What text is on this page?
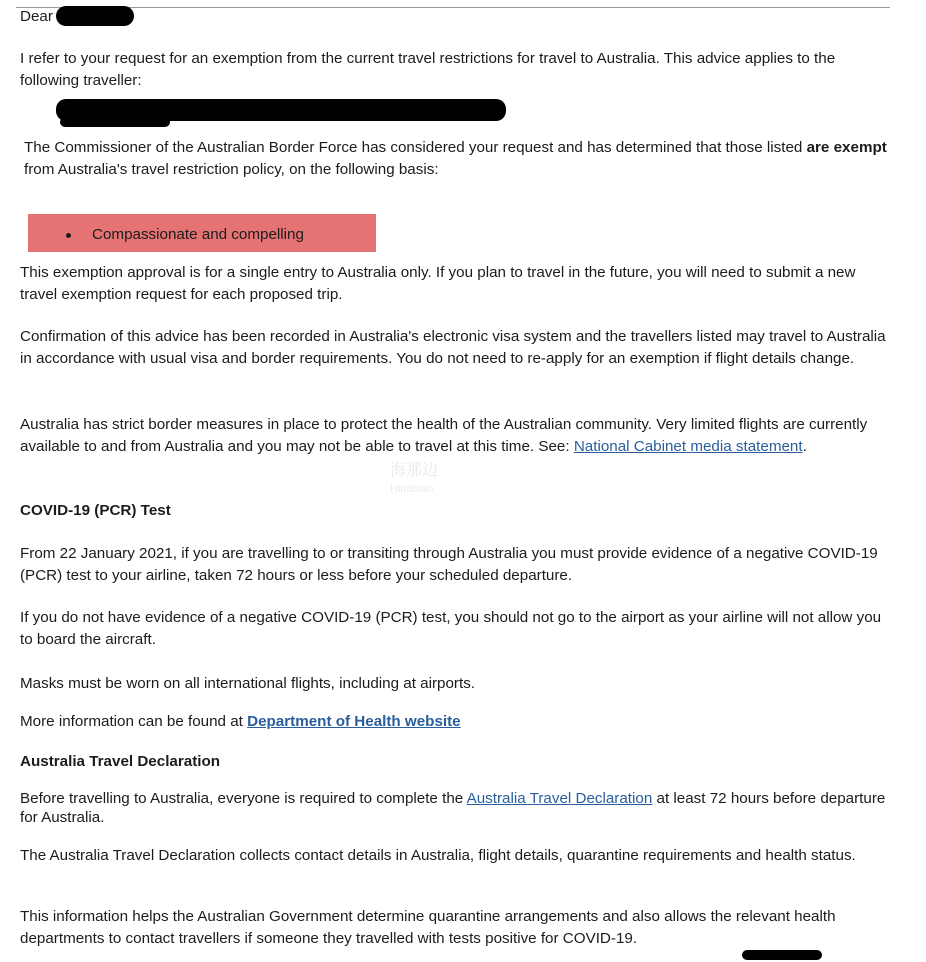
Dear

I refer to your request for an exemption from the current travel restrictions for travel to Australia. This advice applies to the following traveller:

The Commissioner of the Australian Border Force has considered your request and has determined that those listed are exempt from Australia's travel restriction policy, on the following basis:

Compassionate and compelling

This exemption approval is for a single entry to Australia only. If you plan to travel in the future, you will need to submit a new travel exemption request for each proposed trip.

Confirmation of this advice has been recorded in Australia's electronic visa system and the travellers listed may travel to Australia in accordance with usual visa and border requirements. You do not need to re-apply for an exemption if flight details change.

Australia has strict border measures in place to protect the health of the Australian community. Very limited flights are currently available to and from Australia and you may not be able to travel at this time. See: National Cabinet media statement.

海那边
Hinabian

COVID-19 (PCR) Test

From 22 January 2021, if you are travelling to or transiting through Australia you must provide evidence of a negative COVID-19 (PCR) test to your airline, taken 72 hours or less before your scheduled departure.

If you do not have evidence of a negative COVID-19 (PCR) test, you should not go to the airport as your airline will not allow you to board the aircraft.

Masks must be worn on all international flights, including at airports.

More information can be found at Department of Health website

Australia Travel Declaration

Before travelling to Australia, everyone is required to complete the Australia Travel Declaration at least 72 hours before departure for Australia.

The Australia Travel Declaration collects contact details in Australia, flight details, quarantine requirements and health status.

This information helps the Australian Government determine quarantine arrangements and also allows the relevant health departments to contact travellers if someone they travelled with tests positive for COVID-19.
